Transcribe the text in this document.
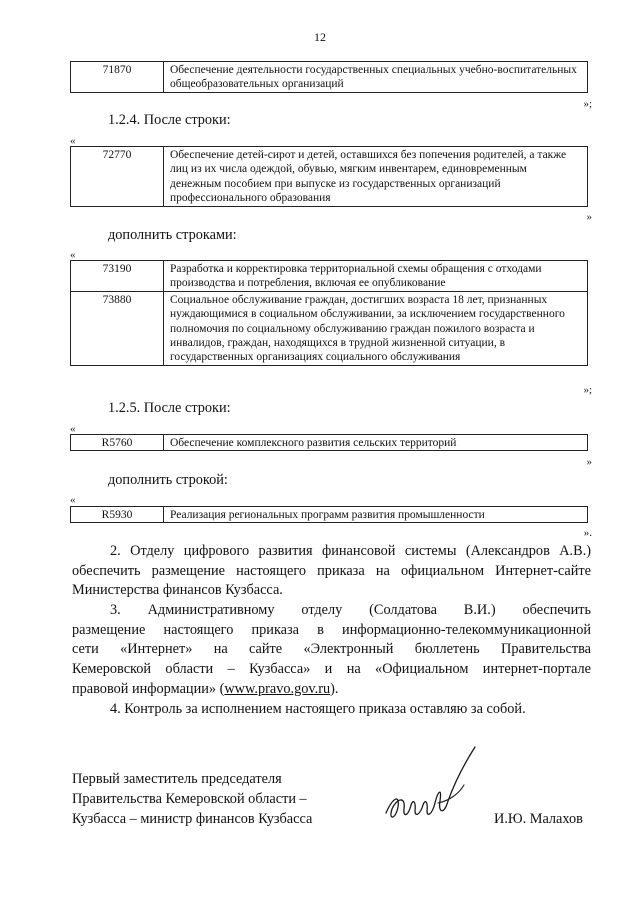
12
71870	Обеспечение деятельности государственных специальных учебно-воспитательных общеобразовательных организаций
»;
1.2.4. После строки:
«
72770	Обеспечение детей-сирот и детей, оставшихся без попечения родителей, а также лиц из их числа одеждой, обувью, мягким инвентарем, единовременным денежным пособием при выпуске из государственных организаций профессионального образования
»
дополнить строками:
«
73190	Разработка и корректировка территориальной схемы обращения с отходами производства и потребления, включая ее опубликование
73880	Социальное обслуживание граждан, достигших возраста 18 лет, признанных нуждающимися в социальном обслуживании, за исключением государственного полномочия по социальному обслуживанию граждан пожилого возраста и инвалидов, граждан, находящихся в трудной жизненной ситуации, в государственных организациях социального обслуживания
»;
1.2.5. После строки:
«
R5760	Обеспечение комплексного развития сельских территорий
»
дополнить строкой:
«
R5930	Реализация региональных программ развития промышленности
».
2. Отделу цифрового развития финансовой системы (Александров А.В.)
обеспечить размещение настоящего приказа на официальном Интернет-сайте
Министерства финансов Кузбасса.
3. Административному отделу (Солдатова В.И.) обеспечить
размещение настоящего приказа в информационно-телекоммуникационной
сети «Интернет» на сайте «Электронный бюллетень Правительства
Кемеровской области – Кузбасса» и на «Официальном интернет-портале
правовой информации» (www.pravo.gov.ru).
4. Контроль за исполнением настоящего приказа оставляю за собой.
Первый заместитель председателя
Правительства Кемеровской области –
Кузбасса – министр финансов Кузбасса	И.Ю. Малахов
